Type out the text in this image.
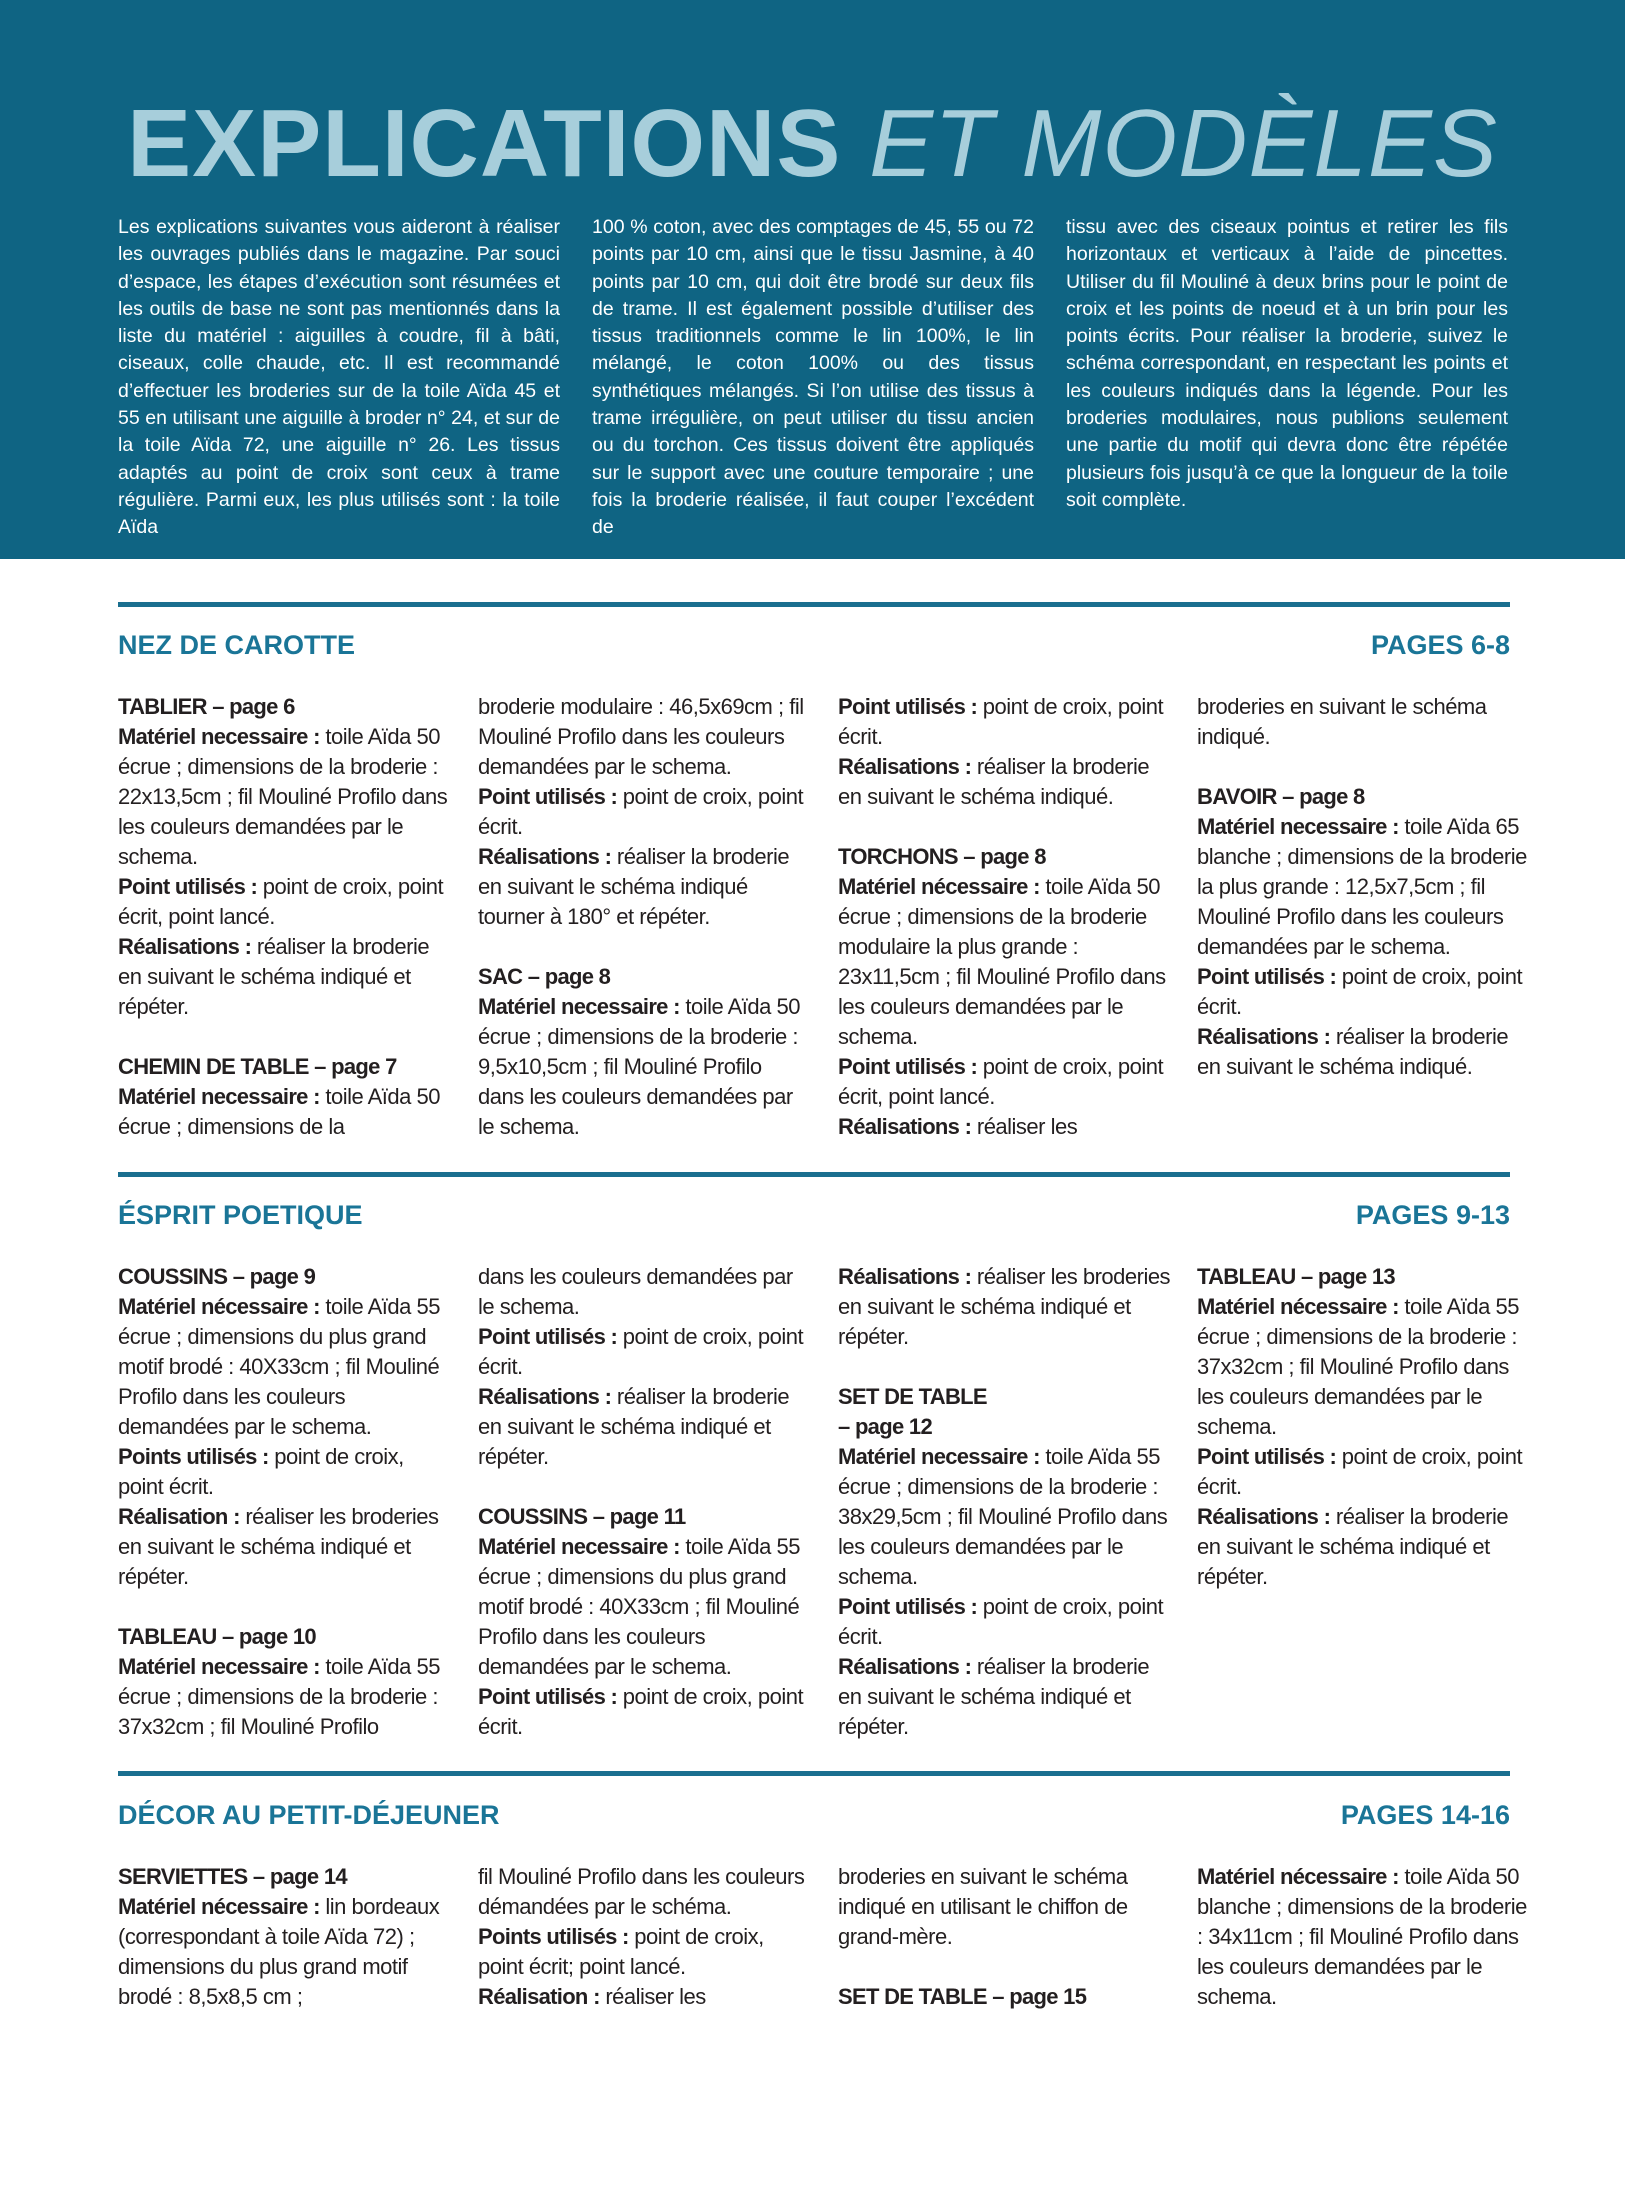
EXPLICATIONS ET MODÈLES
Les explications suivantes vous aideront à réaliser les ouvrages publiés dans le magazine. Par souci d’espace, les étapes d’exécution sont résumées et les outils de base ne sont pas mentionnés dans la liste du matériel : aiguilles à coudre, fil à bâti, ciseaux, colle chaude, etc. Il est recommandé d’effectuer les broderies sur de la toile Aïda 45 et 55 en utilisant une aiguille à broder n° 24, et sur de la toile Aïda 72, une aiguille n° 26. Les tissus adaptés au point de croix sont ceux à trame régulière. Parmi eux, les plus utilisés sont : la toile Aïda
100 % coton, avec des comptages de 45, 55 ou 72 points par 10 cm, ainsi que le tissu Jasmine, à 40 points par 10 cm, qui doit être brodé sur deux fils de trame. Il est également possible d’utiliser des tissus traditionnels comme le lin 100%, le lin mélangé, le coton 100% ou des tissus synthétiques mélangés. Si l’on utilise des tissus à trame irrégulière, on peut utiliser du tissu ancien ou du torchon. Ces tissus doivent être appliqués sur le support avec une couture temporaire ; une fois la broderie réalisée, il faut couper l’excédent de
tissu avec des ciseaux pointus et retirer les fils horizontaux et verticaux à l’aide de pincettes. Utiliser du fil Mouliné à deux brins pour le point de croix et les points de noeud et à un brin pour les points écrits. Pour réaliser la broderie, suivez le schéma correspondant, en respectant les points et les couleurs indiqués dans la légende. Pour les broderies modulaires, nous publions seulement une partie du motif qui devra donc être répétée plusieurs fois jusqu’à ce que la longueur de la toile soit complète.
NEZ DE CAROTTE	PAGES 6-8

TABLIER – page 6

Matériel necessaire : toile Aïda 50 écrue ; dimensions de la broderie : 22x13,5cm ; fil Mouliné Profilo dans les couleurs demandées par le schema.

Point utilisés : point de croix, point écrit, point lancé.

Réalisations : réaliser la broderie en suivant le schéma indiqué et répéter.

CHEMIN DE TABLE – page 7

Matériel necessaire : toile Aïda 50 écrue ; dimensions de la

broderie modulaire : 46,5x69cm ; fil Mouliné Profilo dans les couleurs demandées par le schema.

Point utilisés : point de croix, point écrit.

Réalisations : réaliser la broderie en suivant le schéma indiqué tourner à 180° et répéter.

SAC – page 8

Matériel necessaire : toile Aïda 50 écrue ; dimensions de la broderie : 9,5x10,5cm ; fil Mouliné Profilo dans les couleurs demandées par le schema.

Point utilisés : point de croix, point écrit.

Réalisations : réaliser la broderie en suivant le schéma indiqué.

TORCHONS – page 8

Matériel nécessaire : toile Aïda 50 écrue ; dimensions de la broderie modulaire la plus grande : 23x11,5cm ; fil Mouliné Profilo dans les couleurs demandées par le schema.

Point utilisés : point de croix, point écrit, point lancé.

Réalisations : réaliser les

broderies en suivant le schéma indiqué.

BAVOIR – page 8

Matériel necessaire : toile Aïda 65 blanche ; dimensions de la broderie la plus grande : 12,5x7,5cm ; fil Mouliné Profilo dans les couleurs demandées par le schema.

Point utilisés : point de croix, point écrit.

Réalisations : réaliser la broderie en suivant le schéma indiqué.

ÉSPRIT POETIQUE	PAGES 9-13

COUSSINS – page 9

Matériel nécessaire : toile Aïda 55 écrue ; dimensions du plus grand motif brodé : 40X33cm ; fil Mouliné Profilo dans les couleurs demandées par le schema.

Points utilisés : point de croix, point écrit.

Réalisation : réaliser les broderies en suivant le schéma indiqué et répéter.

TABLEAU – page 10

Matériel necessaire : toile Aïda 55 écrue ; dimensions de la broderie : 37x32cm ; fil Mouliné Profilo

dans les couleurs demandées par le schema.

Point utilisés : point de croix, point écrit.

Réalisations : réaliser la broderie en suivant le schéma indiqué et répéter.

COUSSINS – page 11

Matériel necessaire : toile Aïda 55 écrue ; dimensions du plus grand motif brodé : 40X33cm ; fil Mouliné Profilo dans les couleurs demandées par le schema.

Point utilisés : point de croix, point écrit.

Réalisations : réaliser les broderies en suivant le schéma indiqué et répéter.

SET DE TABLE

– page 12

Matériel necessaire : toile Aïda 55 écrue ; dimensions de la broderie : 38x29,5cm ; fil Mouliné Profilo dans les couleurs demandées par le schema.

Point utilisés : point de croix, point écrit.

Réalisations : réaliser la broderie en suivant le schéma indiqué et répéter.

TABLEAU – page 13

Matériel nécessaire : toile Aïda 55 écrue ; dimensions de la broderie : 37x32cm ; fil Mouliné Profilo dans les couleurs demandées par le schema.

Point utilisés : point de croix, point écrit.

Réalisations : réaliser la broderie en suivant le schéma indiqué et répéter.

DÉCOR AU PETIT-DÉJEUNER	PAGES 14-16

SERVIETTES – page 14

Matériel nécessaire : lin bordeaux (correspondant à toile Aïda 72) ; dimensions du plus grand motif brodé : 8,5x8,5 cm ;

fil Mouliné Profilo dans les couleurs démandées par le schéma.

Points utilisés : point de croix, point écrit; point lancé.

Réalisation : réaliser les

broderies en suivant le schéma indiqué en utilisant le chiffon de grand-mère.

SET DE TABLE – page 15

Matériel nécessaire : toile Aïda 50 blanche ; dimensions de la broderie : 34x11cm ; fil Mouliné Profilo dans les couleurs demandées par le schema.
